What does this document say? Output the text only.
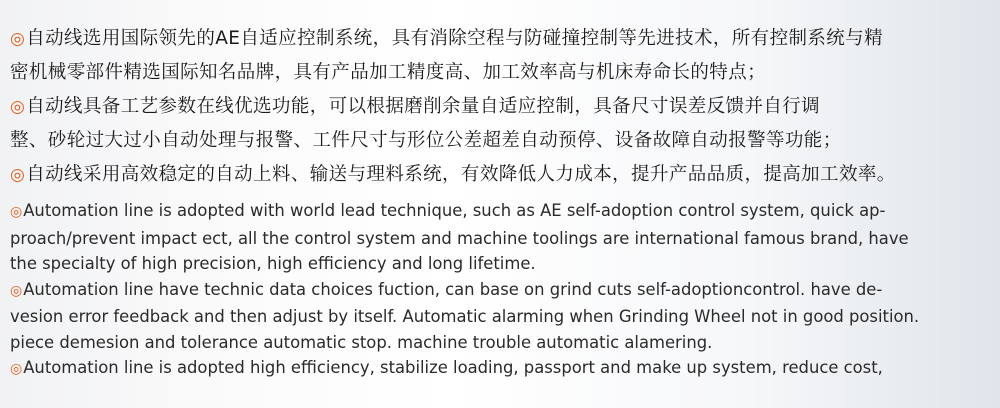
◎自动线选用国际领先的AE自适应控制系统，具有消除空程与防碰撞控制等先进技术，所有控制系统与精
密机械零部件精选国际知名品牌，具有产品加工精度高、加工效率高与机床寿命长的特点；
◎自动线具备工艺参数在线优选功能，可以根据磨削余量自适应控制，具备尺寸误差反馈并自行调
整、砂轮过大过小自动处理与报警、工件尺寸与形位公差超差自动预停、设备故障自动报警等功能；
◎自动线采用高效稳定的自动上料、输送与理料系统，有效降低人力成本，提升产品品质，提高加工效率。
◎Automation line is adopted with world lead technique, such as AE self-adoption control system, quick ap-
proach/prevent impact ect, all the control system and machine toolings are international famous brand, have
the specialty of high precision, high efficiency and long lifetime.
◎Automation line have technic data choices fuction, can base on grind cuts self-adoptioncontrol. have de-
vesion error feedback and then adjust by itself. Automatic alarming when Grinding Wheel not in good position.
piece demesion and tolerance automatic stop. machine trouble automatic alamering.
◎Automation line is adopted high efficiency, stabilize loading, passport and make up system, reduce cost,
